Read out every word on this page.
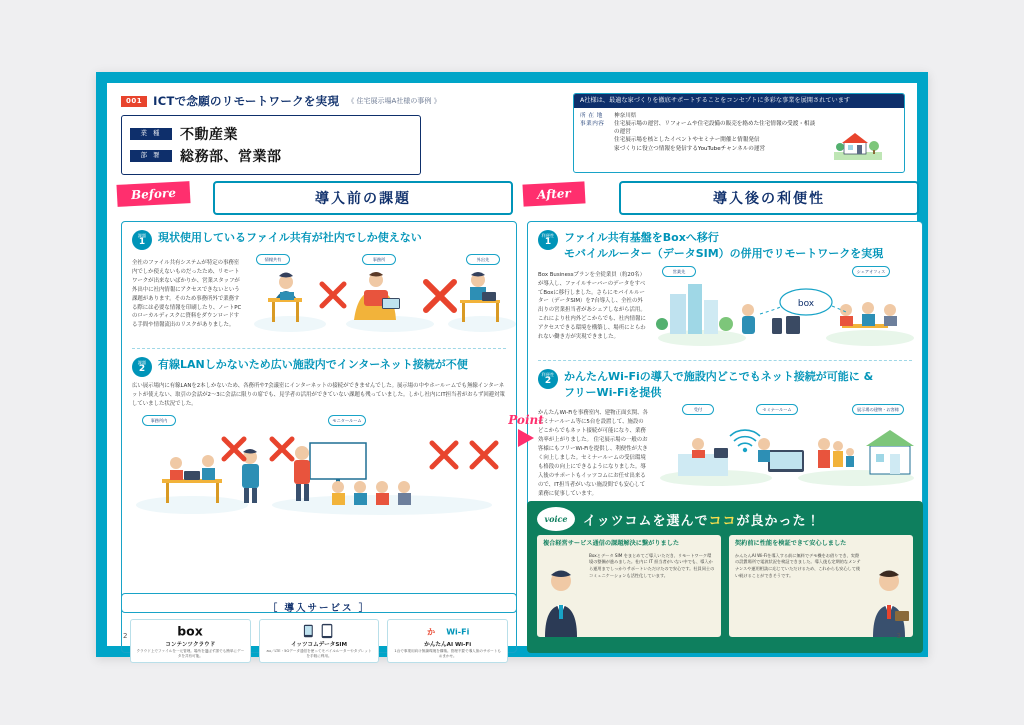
001 ICTで念願のリモートワークを実現 《 住宅展示場A社様の事例 》
業 種	不動産業
部 署	総務部、営業部
A社様は、最適な家づくりを徹底サポートすることをコンセプトに多彩な事業を展開されています
所 在 地	神奈川県
事業内容	住宅展示場の運営、リフォームや住宅設備の販売を絡めた住宅情報の受渡・相談の運営
住宅展示場を核としたイベントやセミナー開催と情報発信
家づくりに役立つ情報を発信するYouTubeチャンネルの運営
Before	導入前の課題
課題
1 現状使用しているファイル共有が社内でしか使えない
全社のファイル共有システムが特定の事務室内でしか使えないものだったため、リモートワークが出来ないばかりか、営業スタッフが外出中に社内情報にアクセスできないという課題があります。そのため事務所外で業務する際には必要な情報を印刷したり、ノートPCのローカルディスクに資料をダウンロードする手間や情報流出のリスクがありました。
情報共有	事務所	外出先
課題
2 有線LANしかないため広い施設内でインターネット接続が不便
広い展示場内に有線LANを2本しかないため、各務所や7会議室にインターネットの接続ができませんでした。展示場の中やホールームでも無線インターネットが使えない、取引の会話が2〜3に会話に限りの席でも、見学者の活用ができていない課題も残っていました。しかし社内にIT担当者がおらず回避対策していました状況でした。
事務所内	モニタールーム	Point
After	導入後の利便性
利便性
1 ファイル共有基盤をBoxへ移行
モバイルルーター（データSIM）の併用でリモートワークを実現
Box Businessプランを全従業員（約20名）が導入し、ファイルサーバーのデータをすべてBoxに移行しました。さらにモバイルルーター（データSIM）を7台導入し、全社の外出りの営業担当者があシェアしながら活用。これにより社内外どこからでも、社内情報にアクセスできる環境を構築し、場所にとらわれない働き方が実現できました。
box
営業先	シェアオフィス
利便性
2 かんたんWi-Fiの導入で施設内どこでもネット接続が可能に &
フリーWi-Fiを提供
かんたんWi-Fiを事務室内、建物正面玄関、各セミナールーム等に5台を設置して、施設のどこからでもネット接続が可能になり、業務効率が上がりました。 住宅展示場の一般のお客様にもフリーWi-Fiを提供し、利便性が大きく向上しました。セミナールームの受信環境も格段の向上にできるようになりました。導入後のサポートもイッツコムにお任せ出来るので、IT担当者がいない施設間でも安心して業務に従事しています。
受付	セミナールーム	展示場の建物・お客様
［ 導入サービス ］
box
コンテンツクラウド
クラウド上でファイルを一元管理。場所を選ばず誰でも簡単にデータを共有可能。
イッツコムデータSIM
au／LTE・5Gデータ通信を使ってモバイルルーターやタブレットを手軽に利用。
か Wi-Fi
かんたんAI Wi-Fi
1台で事業用向け無線環境を構築。管理不要で導入後のサポートもおまかせ。
voice	イッツコムを選んでココが良かった！
複合経営サービス通信の課題解決に繋がりました

Boxとデータ SIM をまとめてご導入いただき、リモートワーク環境の整備が進みました。社内に IT 担当者がいない中でも、導入から運用までしっかりサポートいただけたので安心です。社員同士のコミュニケーションも活性化しています。

契約前に性能を検証できて安心しました

かんたんAI Wi-Fiを導入する前に無料でデモ機をお借りでき、実際の設置場所で電波状況を検証できました。導入後も定期的なメンテナンスや運用相談に応じていただけるため、これからも安心して使い続けることができそうです。

2	3
